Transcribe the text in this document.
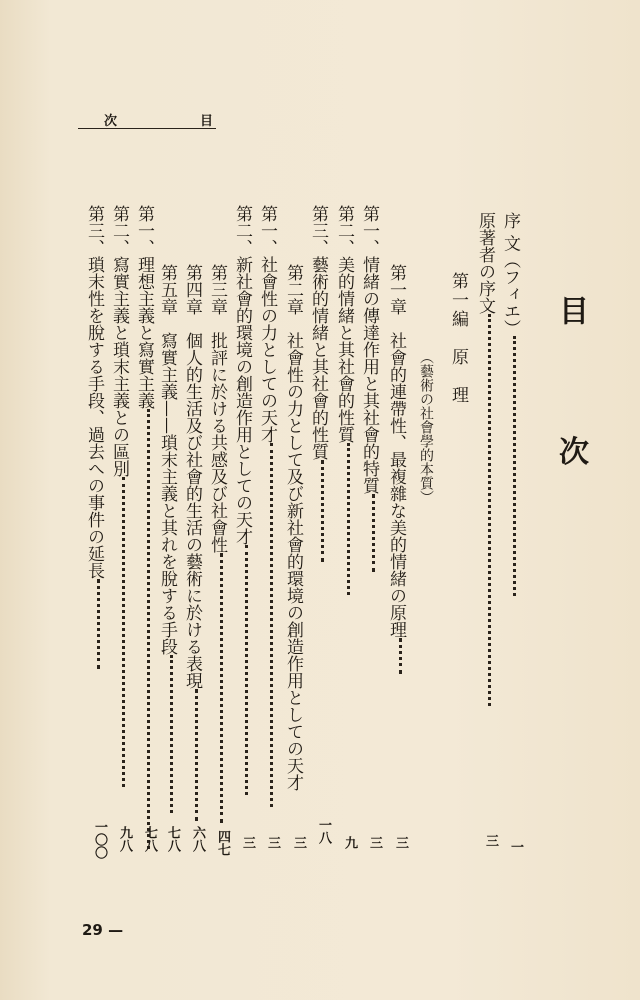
次	目
目 次
第一編　原　理
（藝術の社會學的本質）
序 文（フィエ）
一
原著者の序文
三
第一章　社會的連帶性、最複雜な美的情緒の原理
三
第一、情緒の傳達作用と其社會的特質
三
第二、美的情緒と其社會的性質
九
第三、藝術的情緒と其社會的性質
一八
第二章　社會性の力として及び新社會的環境の創造作用としての天才
三
第一、社會性の力としての天才
三
第二、新社會的環境の創造作用としての天才
三
第三章　批評に於ける共感及び社會性
四七
第四章　個人的生活及び社會的生活の藝術に於ける表現
六八
第五章　寫實主義——瑣末主義と其れを脫する手段
七八
第一、理想主義と寫實主義
七八
第二、寫實主義と瑣末主義との區別
九八
第三、瑣末性を脫する手段、過去への事件の延長
一〇〇
29 —
